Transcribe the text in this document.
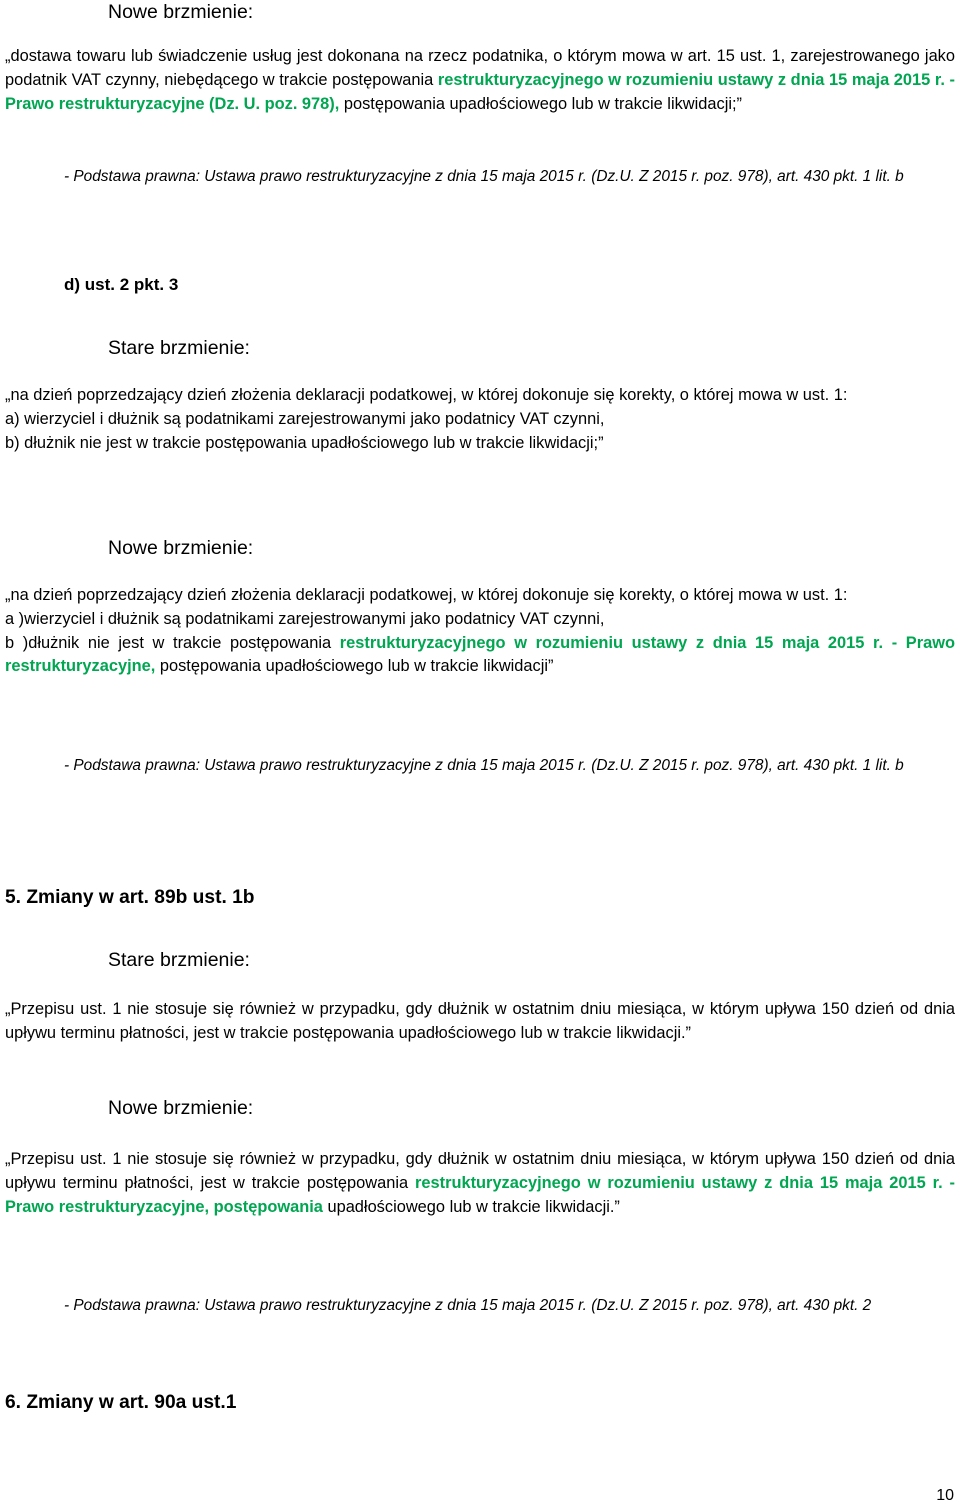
Nowe brzmienie:
„dostawa towaru lub świadczenie usług jest dokonana na rzecz podatnika, o którym mowa w art. 15 ust. 1, zarejestrowanego jako podatnik VAT czynny, niebędącego w trakcie postępowania restrukturyzacyjnego w rozumieniu ustawy z dnia 15 maja 2015 r. - Prawo restrukturyzacyjne (Dz. U. poz. 978), postępowania upadłościowego lub w trakcie likwidacji;”
- Podstawa prawna: Ustawa prawo restrukturyzacyjne z dnia 15 maja 2015 r. (Dz.U. Z 2015 r. poz. 978), art. 430 pkt. 1 lit. b
d) ust. 2 pkt. 3
Stare brzmienie:
„na dzień poprzedzający dzień złożenia deklaracji podatkowej, w której dokonuje się korekty, o której mowa w ust. 1:
a) wierzyciel i dłużnik są podatnikami zarejestrowanymi jako podatnicy VAT czynni,
b) dłużnik nie jest w trakcie postępowania upadłościowego lub w trakcie likwidacji;”
Nowe brzmienie:
„na dzień poprzedzający dzień złożenia deklaracji podatkowej, w której dokonuje się korekty, o której mowa w ust. 1:
a )wierzyciel i dłużnik są podatnikami zarejestrowanymi jako podatnicy VAT czynni,
b )dłużnik nie jest w trakcie postępowania restrukturyzacyjnego w rozumieniu ustawy z dnia 15 maja 2015 r. - Prawo restrukturyzacyjne, postępowania upadłościowego lub w trakcie likwidacji”
- Podstawa prawna: Ustawa prawo restrukturyzacyjne z dnia 15 maja 2015 r. (Dz.U. Z 2015 r. poz. 978), art. 430 pkt. 1 lit. b
5. Zmiany w art. 89b ust. 1b
Stare brzmienie:
„Przepisu ust. 1 nie stosuje się również w przypadku, gdy dłużnik w ostatnim dniu miesiąca, w którym upływa 150 dzień od dnia upływu terminu płatności, jest w trakcie postępowania upadłościowego lub w trakcie likwidacji.”
Nowe brzmienie:
„Przepisu ust. 1 nie stosuje się również w przypadku, gdy dłużnik w ostatnim dniu miesiąca, w którym upływa 150 dzień od dnia upływu terminu płatności, jest w trakcie postępowania restrukturyzacyjnego w rozumieniu ustawy z dnia 15 maja 2015 r. - Prawo restrukturyzacyjne, postępowania upadłościowego lub w trakcie likwidacji.”
- Podstawa prawna: Ustawa prawo restrukturyzacyjne z dnia 15 maja 2015 r. (Dz.U. Z 2015 r. poz. 978), art. 430 pkt. 2
6. Zmiany w art. 90a ust.1
10
